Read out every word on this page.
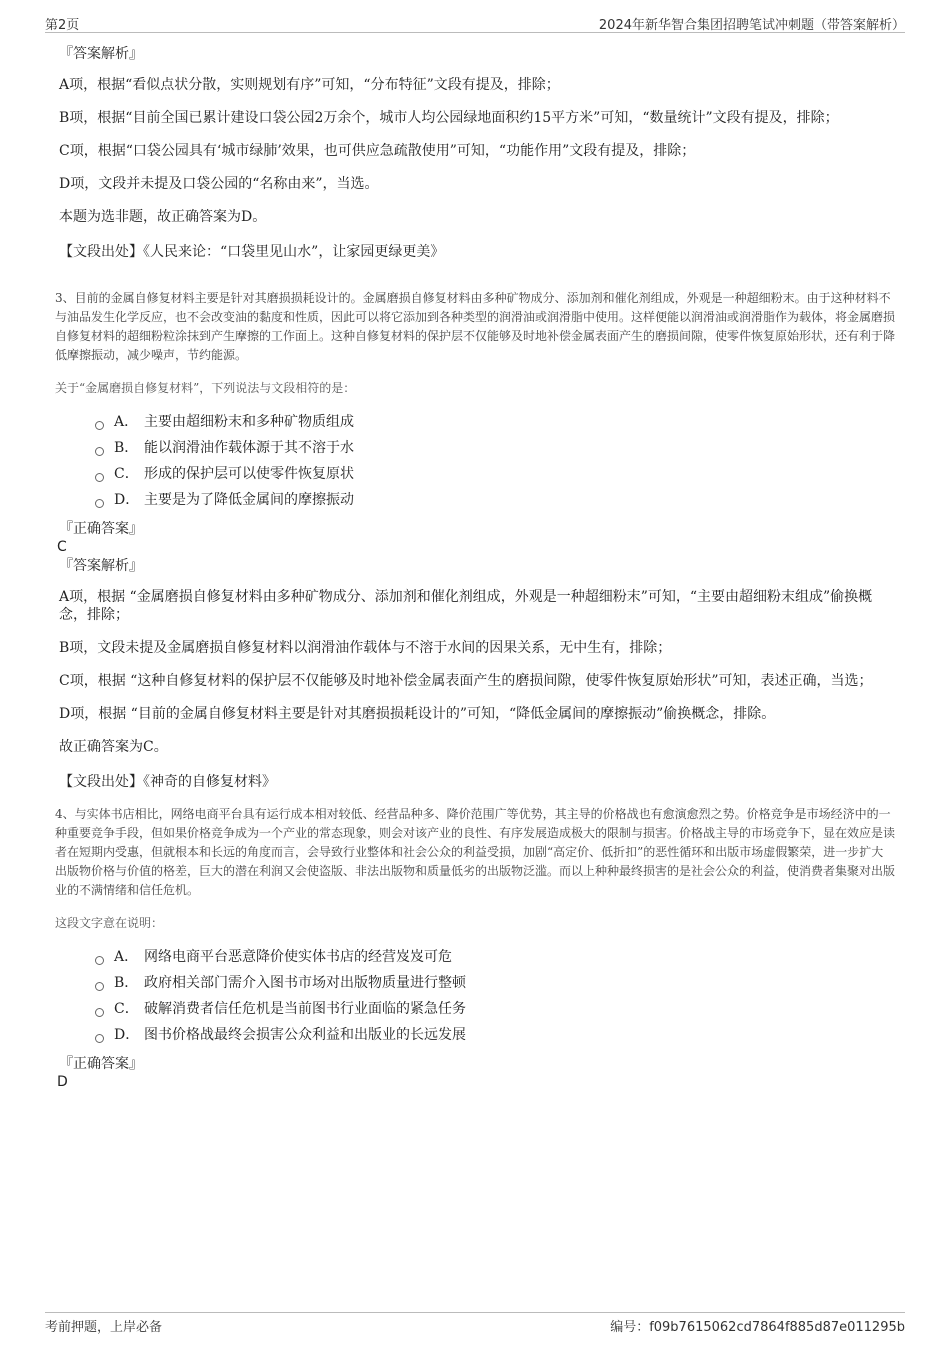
第2页	2024年新华智合集团招聘笔试冲刺题（带答案解析）
『答案解析』
A项，根据“看似点状分散，实则规划有序”可知，“分布特征”文段有提及，排除；
B项，根据“目前全国已累计建设口袋公园2万余个，城市人均公园绿地面积约15平方米”可知，“数量统计”文段有提及，排除；
C项，根据“口袋公园具有‘城市绿肺’效果，也可供应急疏散使用”可知，“功能作用”文段有提及，排除；
D项，文段并未提及口袋公园的“名称由来”，当选。
本题为选非题，故正确答案为D。
【文段出处】《人民来论：“口袋里见山水”，让家园更绿更美》
3、目前的金属自修复材料主要是针对其磨损损耗设计的。金属磨损自修复材料由多种矿物成分、添加剂和催化剂组成，外观是一种超细粉末。由于这种材料不与油品发生化学反应，也不会改变油的黏度和性质，因此可以将它添加到各种类型的润滑油或润滑脂中使用。这样便能以润滑油或润滑脂作为载体，将金属磨损自修复材料的超细粉粒涂抹到产生摩擦的工作面上。这种自修复材料的保护层不仅能够及时地补偿金属表面产生的磨损间隙，使零件恢复原始形状，还有利于降低摩擦振动，减少噪声，节约能源。
关于“金属磨损自修复材料”，下列说法与文段相符的是：
A． 主要由超细粉末和多种矿物质组成
B． 能以润滑油作载体源于其不溶于水
C． 形成的保护层可以使零件恢复原状
D． 主要是为了降低金属间的摩擦振动
『正确答案』
C
『答案解析』
A项，根据 “金属磨损自修复材料由多种矿物成分、添加剂和催化剂组成，外观是一种超细粉末”可知，“主要由超细粉末组成”偷换概念，排除；
B项，文段未提及金属磨损自修复材料以润滑油作载体与不溶于水间的因果关系，无中生有，排除；
C项，根据 “这种自修复材料的保护层不仅能够及时地补偿金属表面产生的磨损间隙，使零件恢复原始形状”可知，表述正确，当选；
D项，根据 “目前的金属自修复材料主要是针对其磨损损耗设计的”可知，“降低金属间的摩擦振动”偷换概念，排除。
故正确答案为C。
【文段出处】《神奇的自修复材料》
4、与实体书店相比，网络电商平台具有运行成本相对较低、经营品种多、降价范围广等优势，其主导的价格战也有愈演愈烈之势。价格竞争是市场经济中的一种重要竞争手段，但如果价格竞争成为一个产业的常态现象，则会对该产业的良性、有序发展造成极大的限制与损害。价格战主导的市场竞争下，显在效应是读者在短期内受惠，但就根本和长远的角度而言，会导致行业整体和社会公众的利益受损，加剧“高定价、低折扣”的恶性循环和出版市场虚假繁荣，进一步扩大出版物价格与价值的格差，巨大的潜在利润又会使盗版、非法出版物和质量低劣的出版物泛滥。而以上种种最终损害的是社会公众的利益，使消费者集聚对出版业的不满情绪和信任危机。
这段文字意在说明：
A． 网络电商平台恶意降价使实体书店的经营岌岌可危
B． 政府相关部门需介入图书市场对出版物质量进行整顿
C． 破解消费者信任危机是当前图书行业面临的紧急任务
D． 图书价格战最终会损害公众利益和出版业的长远发展
『正确答案』
D
考前押题，上岸必备	编号：f09b7615062cd7864f885d87e011295b
